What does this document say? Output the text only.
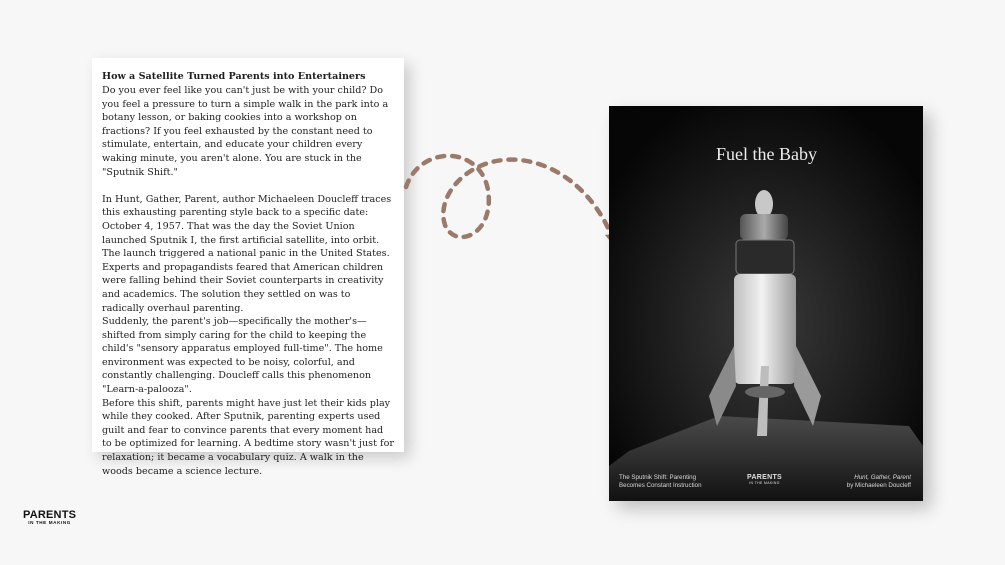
How a Satellite Turned Parents into Entertainers

Do you ever feel like you can't just be with your child? Do you feel a pressure to turn a simple walk in the park into a botany lesson, or baking cookies into a workshop on fractions? If you feel exhausted by the constant need to stimulate, entertain, and educate your children every waking minute, you aren't alone. You are stuck in the "Sputnik Shift."

In Hunt, Gather, Parent, author Michaeleen Doucleff traces this exhausting parenting style back to a specific date: October 4, 1957. That was the day the Soviet Union launched Sputnik I, the first artificial satellite, into orbit. The launch triggered a national panic in the United States. Experts and propagandists feared that American children were falling behind their Soviet counterparts in creativity and academics. The solution they settled on was to radically overhaul parenting.

Suddenly, the parent's job—specifically the mother's—shifted from simply caring for the child to keeping the child's "sensory apparatus employed full-time". The home environment was expected to be noisy, colorful, and constantly challenging. Doucleff calls this phenomenon "Learn-a-palooza".

Before this shift, parents might have just let their kids play while they cooked. After Sputnik, parenting experts used guilt and fear to convince parents that every moment had to be optimized for learning. A bedtime story wasn't just for relaxation; it became a vocabulary quiz. A walk in the woods became a science lecture.

Fuel the Baby
The Sputnik Shift: Parenting
Becomes Constant Instruction
PARENTS
IN THE MAKING
Hunt, Gather, Parent
by Michaeleen Doucleff
PARENTS
IN THE MAKING
